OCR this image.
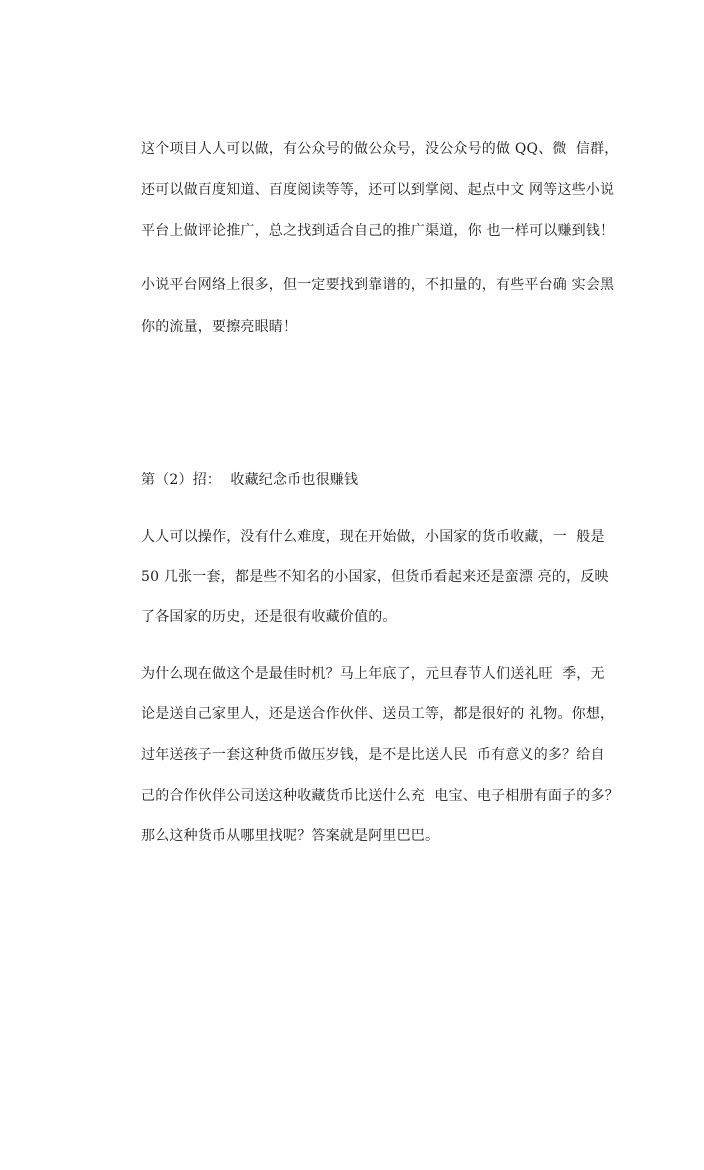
这个项目人人可以做，有公众号的做公众号，没公众号的做 QQ、微  信群，
还可以做百度知道、百度阅读等等，还可以到掌阅、起点中文 网等这些小说
平台上做评论推广，总之找到适合自己的推广渠道，你 也一样可以赚到钱！
小说平台网络上很多，但一定要找到靠谱的，不扣量的，有些平台确 实会黑
你的流量，要擦亮眼睛！
第（2）招：  收藏纪念币也很赚钱
人人可以操作，没有什么难度，现在开始做，小国家的货币收藏，一  般是
50 几张一套，都是些不知名的小国家，但货币看起来还是蛮漂 亮的，反映
了各国家的历史，还是很有收藏价值的。
为什么现在做这个是最佳时机？马上年底了，元旦春节人们送礼旺  季，无
论是送自己家里人，还是送合作伙伴、送员工等，都是很好的 礼物。你想，
过年送孩子一套这种货币做压岁钱，是不是比送人民  币有意义的多？给自
己的合作伙伴公司送这种收藏货币比送什么充  电宝、电子相册有面子的多？
那么这种货币从哪里找呢？答案就是阿里巴巴。
